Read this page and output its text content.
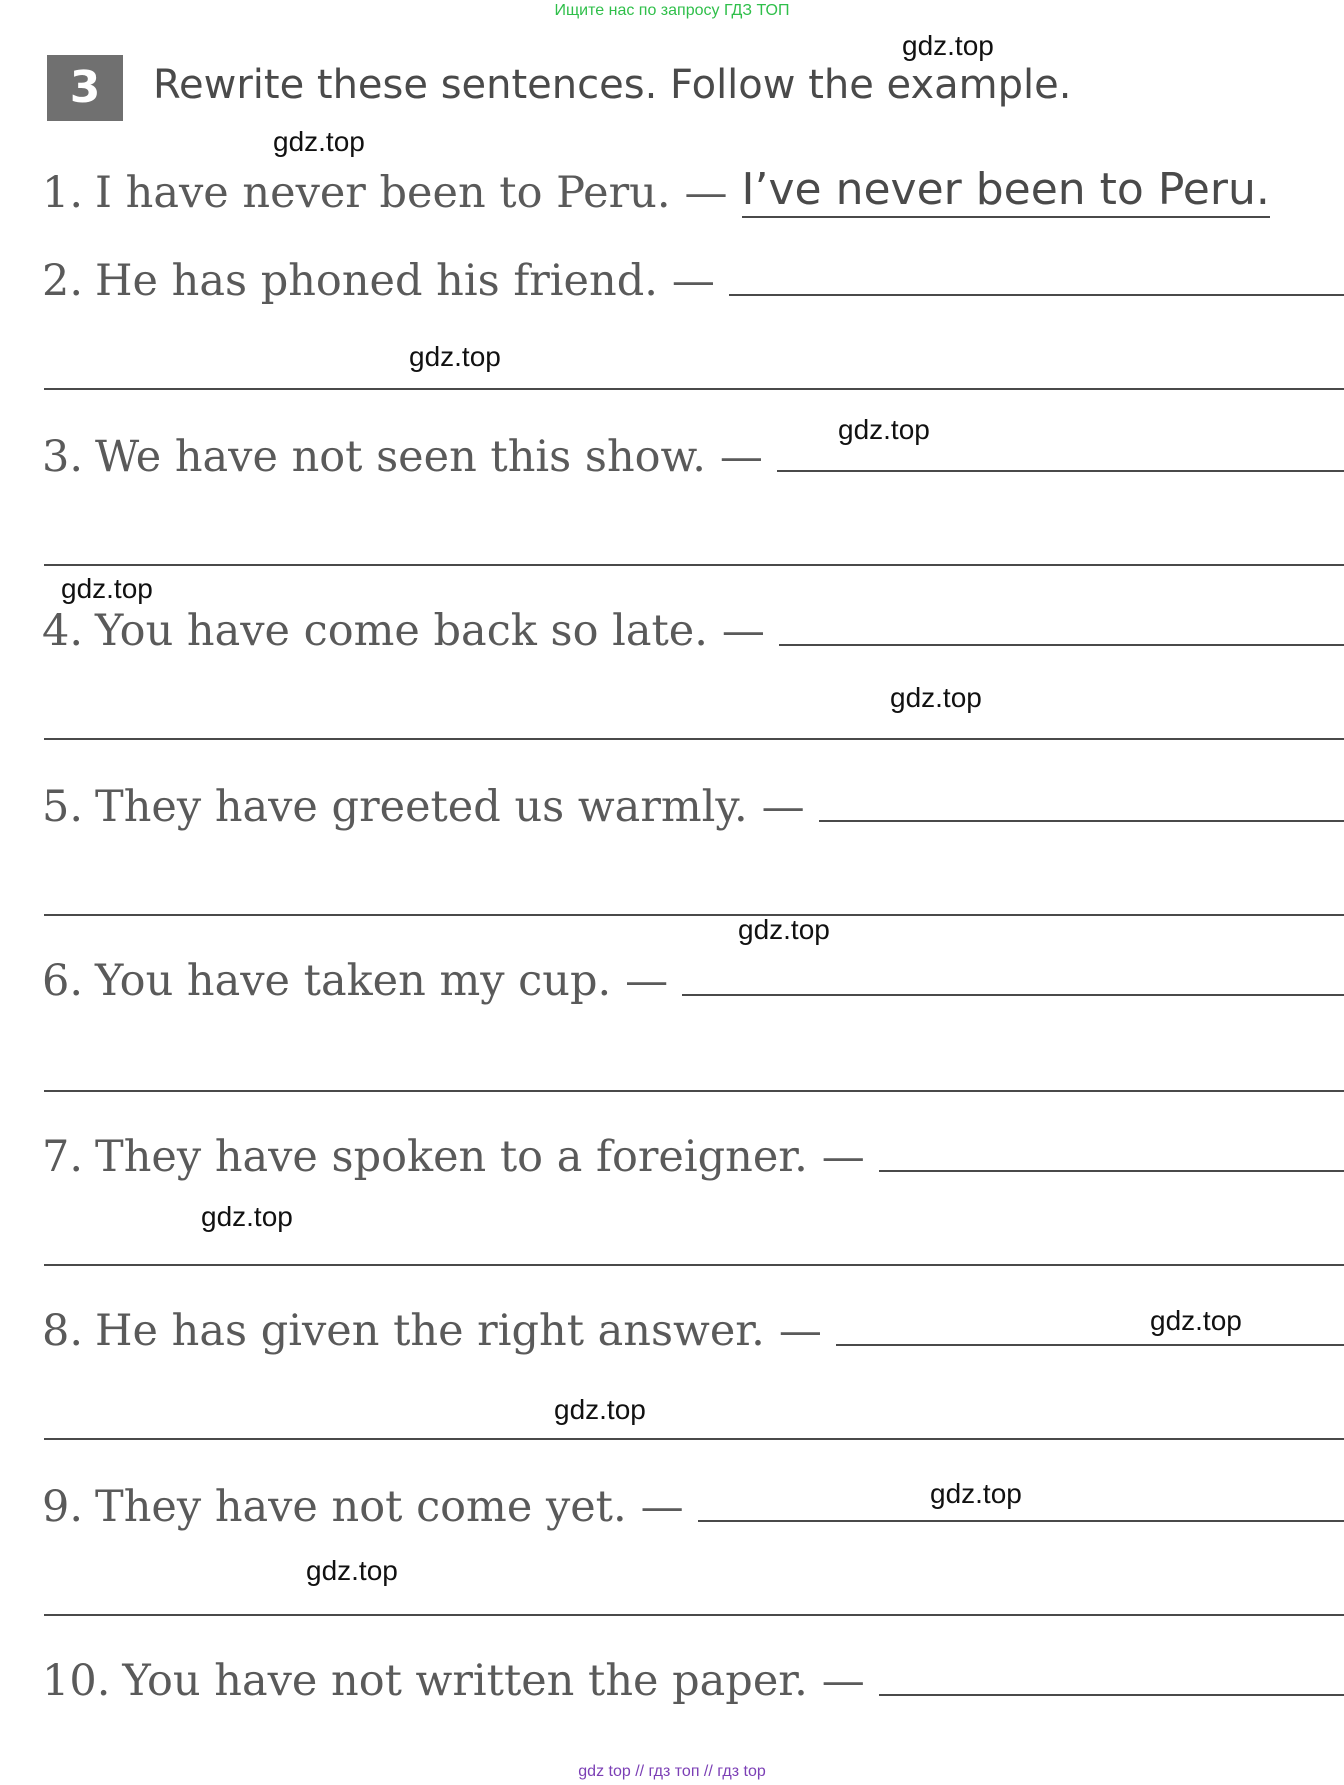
Ищите нас по запросу ГДЗ ТОП
3	Rewrite these sentences. Follow the example.
1. I have never been to Peru. — I’ve never been to Peru.
2. He has phoned his friend. —
3. We have not seen this show. —
4. You have come back so late. —
5. They have greeted us warmly. —
6. You have taken my cup. —
7. They have spoken to a foreigner. —
8. He has given the right answer. —
9. They have not come yet. —
10. You have not written the paper. —
gdz.top
gdz.top
gdz.top
gdz.top
gdz.top
gdz.top
gdz.top
gdz.top
gdz.top
gdz.top
gdz.top
gdz.top
gdz top // гдз топ // гдз top
